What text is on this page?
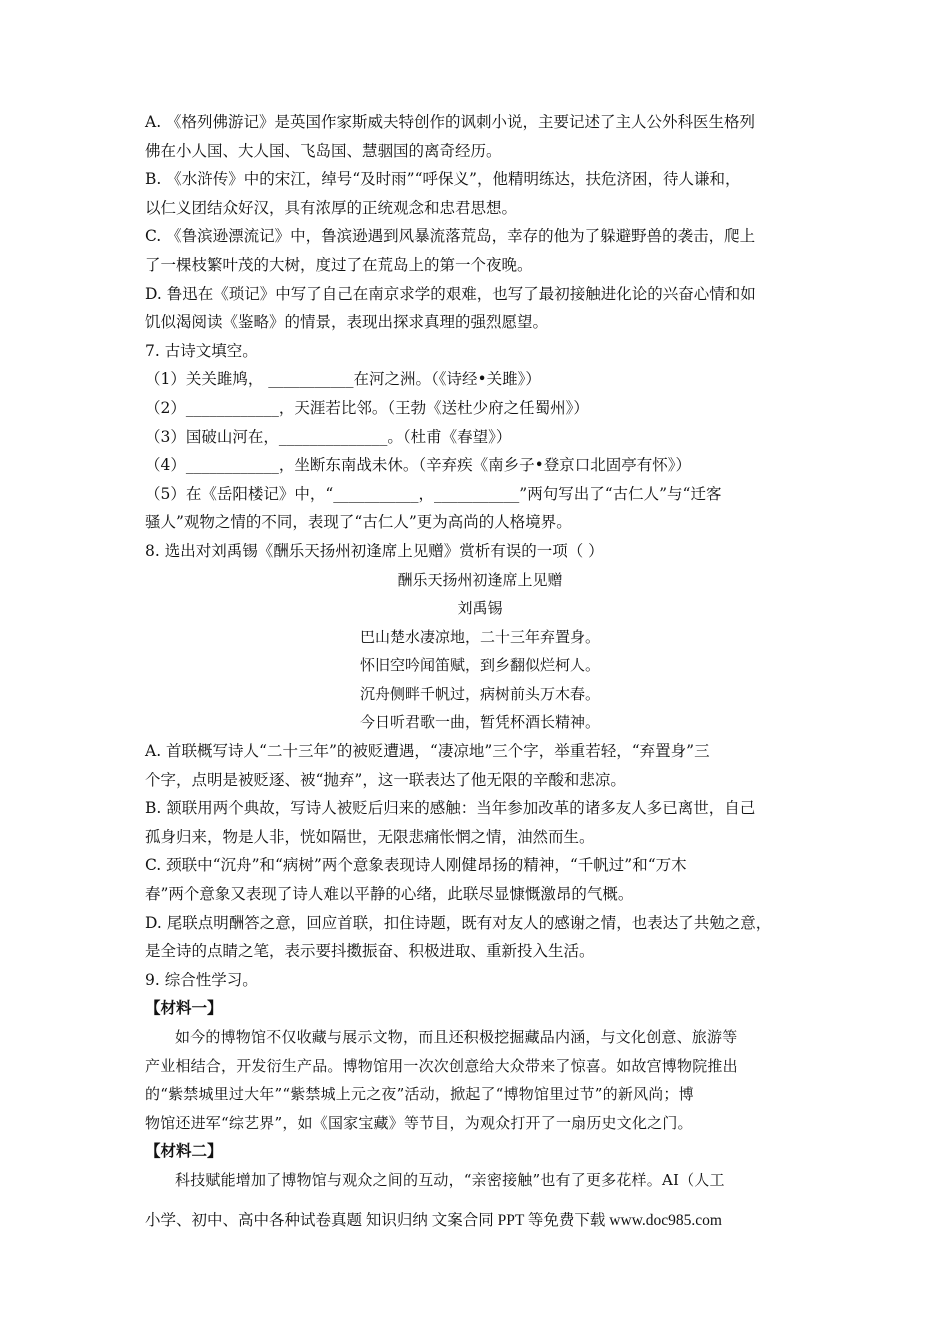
A. 《格列佛游记》是英国作家斯威夫特创作的讽刺小说，主要记述了主人公外科医生格列
佛在小人国、大人国、飞岛国、慧骃国的离奇经历。
B. 《水浒传》中的宋江，绰号“及时雨”“呼保义”，他精明练达，扶危济困，待人谦和，
以仁义团结众好汉，具有浓厚的正统观念和忠君思想。
C. 《鲁滨逊漂流记》中，鲁滨逊遇到风暴流落荒岛，幸存的他为了躲避野兽的袭击，爬上
了一棵枝繁叶茂的大树，度过了在荒岛上的第一个夜晚。
D. 鲁迅在《琐记》中写了自己在南京求学的艰难，也写了最初接触进化论的兴奋心情和如
饥似渴阅读《鉴略》的情景，表现出探求真理的强烈愿望。
7. 古诗文填空。
（1）关关雎鸠， ___________在河之洲。（《诗经•关雎》）
（2）____________，天涯若比邻。（王勃《送杜少府之任蜀州》）
（3）国破山河在，______________。（杜甫《春望》）
（4）____________，坐断东南战未休。（辛弃疾《南乡子•登京口北固亭有怀》）
（5）在《岳阳楼记》中，“___________，___________”两句写出了“古仁人”与“迁客
骚人”观物之情的不同，表现了“古仁人”更为高尚的人格境界。
8. 选出对刘禹锡《酬乐天扬州初逢席上见赠》赏析有误的一项（ ）
酬乐天扬州初逢席上见赠
刘禹锡
巴山楚水凄凉地，二十三年弃置身。
怀旧空吟闻笛赋，到乡翻似烂柯人。
沉舟侧畔千帆过，病树前头万木春。
今日听君歌一曲，暂凭杯酒长精神。
A. 首联概写诗人“二十三年”的被贬遭遇，“凄凉地”三个字，举重若轻，“弃置身”三
个字，点明是被贬逐、被“抛弃”，这一联表达了他无限的辛酸和悲凉。
B. 颔联用两个典故，写诗人被贬后归来的感触：当年参加改革的诸多友人多已离世，自己
孤身归来，物是人非，恍如隔世，无限悲痛怅惘之情，油然而生。
C. 颈联中“沉舟”和“病树”两个意象表现诗人刚健昂扬的精神，“千帆过”和“万木
春”两个意象又表现了诗人难以平静的心绪，此联尽显慷慨激昂的气概。
D. 尾联点明酬答之意，回应首联，扣住诗题，既有对友人的感谢之情，也表达了共勉之意，
是全诗的点睛之笔，表示要抖擞振奋、积极进取、重新投入生活。
9. 综合性学习。
【材料一】
如今的博物馆不仅收藏与展示文物，而且还积极挖掘藏品内涵，与文化创意、旅游等
产业相结合，开发衍生产品。博物馆用一次次创意给大众带来了惊喜。如故宫博物院推出
的“紫禁城里过大年”“紫禁城上元之夜”活动，掀起了“博物馆里过节”的新风尚；博
物馆还进军“综艺界”，如《国家宝藏》等节目，为观众打开了一扇历史文化之门。
【材料二】
科技赋能增加了博物馆与观众之间的互动，“亲密接触”也有了更多花样。AI（人工
小学、初中、高中各种试卷真题 知识归纳 文案合同 PPT 等免费下载 www.doc985.com
